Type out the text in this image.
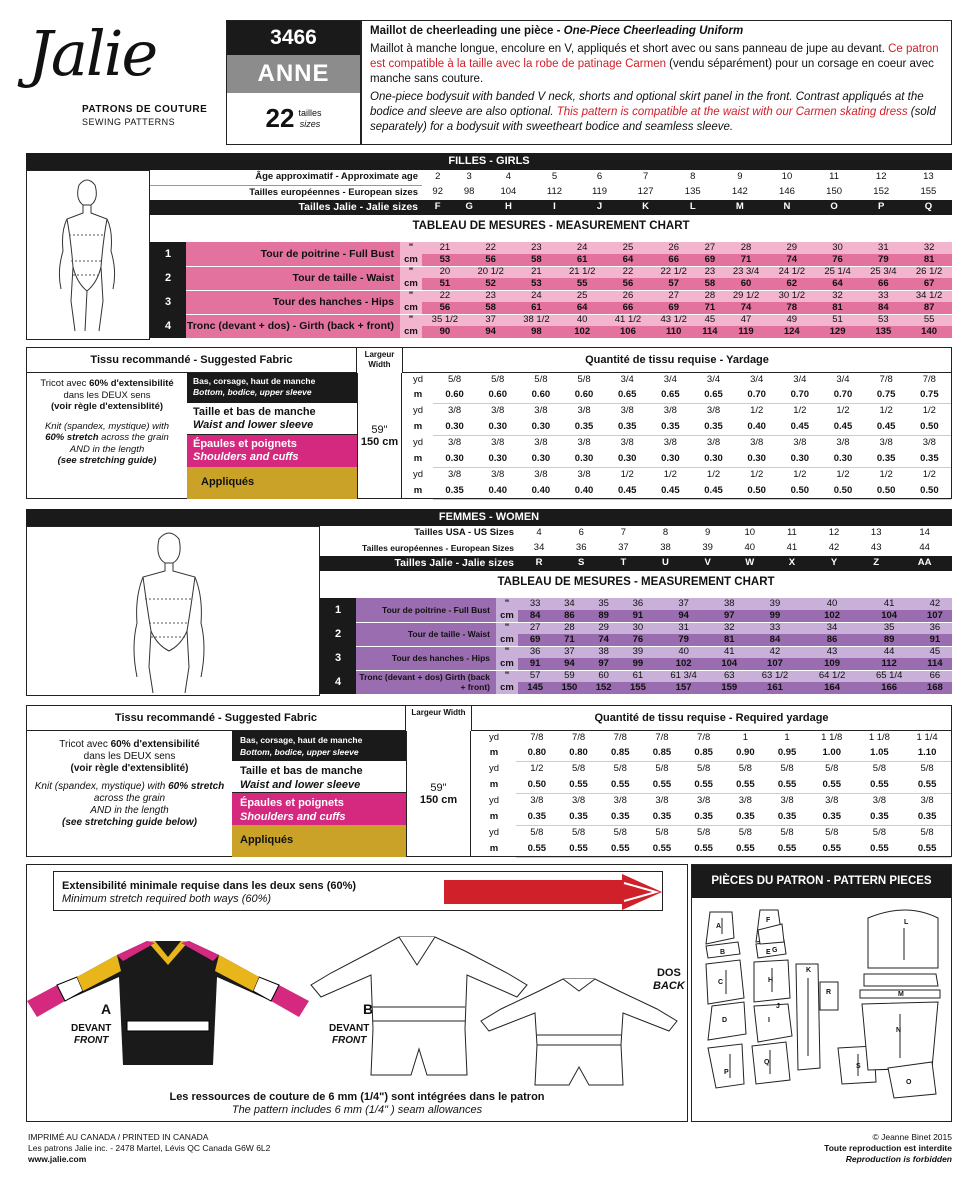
Jalie
PATRONS DE COUTURE
SEWING PATTERNS
3466
ANNE
22 tailles
sizes
Maillot de cheerleading une pièce - One-Piece Cheerleading Uniform
Maillot à manche longue, encolure en V, appliqués et short avec ou sans panneau de jupe au devant. Ce patron est compatible à la taille avec la robe de patinage Carmen (vendu séparément) pour un corsage en coeur avec manche sans couture.
One-piece bodysuit with banded V neck, shorts and optional skirt panel in the front. Contrast appliqués at the bodice and sleeve are also optional. This pattern is compatible at the waist with our Carmen skating dress (sold separately) for a bodysuit with sweetheart bodice and seamless sleeve.
FILLES - GIRLS
Âge approximatif - Approximate age	2	3	4	5	6	7	8	9	10	11	12	13
Tailles européennes - European sizes	92	98	104	112	119	127	135	142	146	150	152	155
Tailles Jalie - Jalie sizes	F	G	H	I	J	K	L	M	N	O	P	Q
TABLEAU DE MESURES - MEASUREMENT CHART												
1	Tour de poitrine - Full Bust	"	21	22	23	24	25	26	27	28	29	30	31	32
		cm	53	56	58	61	64	66	69	71	74	76	79	81
2	Tour de taille - Waist	"	20	20 1/2	21	21 1/2	22	22 1/2	23	23 3/4	24 1/2	25 1/4	25 3/4	26 1/2
		cm	51	52	53	55	56	57	58	60	62	64	66	67
3	Tour des hanches - Hips	"	22	23	24	25	26	27	28	29 1/2	30 1/2	32	33	34 1/2
		cm	56	58	61	64	66	69	71	74	78	81	84	87
4	Tronc (devant + dos) - Girth (back + front)	"	35 1/2	37	38 1/2	40	41 1/2	43 1/2	45	47	49	51	53	55
		cm	90	94	98	102	106	110	114	119	124	129	135	140
Tissu recommandé - Suggested Fabric	Largeur Width	Quantité de tissu requise - Yardage
Tricot avec 60% d'extensibilité
dans les DEUX sens
(voir règle d'extensiblité)
Knit (spandex, mystique) with
60% stretch across the grain
AND in the length
(see stretching guide)
59"
150 cm
Bas, corsage, haut de manche
Bottom, bodice, upper sleeve
Taille et bas de manche
Waist and lower sleeve
Épaules et poignets
Shoulders and cuffs
Appliqués
yd	5/8	5/8	5/8	5/8	3/4	3/4	3/4	3/4	3/4	3/4	7/8	7/8
m	0.60	0.60	0.60	0.60	0.65	0.65	0.65	0.70	0.70	0.70	0.75	0.75
yd	3/8	3/8	3/8	3/8	3/8	3/8	3/8	1/2	1/2	1/2	1/2	1/2
m	0.30	0.30	0.30	0.35	0.35	0.35	0.35	0.40	0.45	0.45	0.45	0.50
yd	3/8	3/8	3/8	3/8	3/8	3/8	3/8	3/8	3/8	3/8	3/8	3/8
m	0.30	0.30	0.30	0.30	0.30	0.30	0.30	0.30	0.30	0.30	0.35	0.35
yd	3/8	3/8	3/8	3/8	1/2	1/2	1/2	1/2	1/2	1/2	1/2	1/2
m	0.35	0.40	0.40	0.40	0.45	0.45	0.45	0.50	0.50	0.50	0.50	0.50
FEMMES - WOMEN
Tailles USA - US Sizes	4	6	7	8	9	10	11	12	13	14
Tailles européennes - European Sizes	34	36	37	38	39	40	41	42	43	44
Tailles Jalie - Jalie sizes	R	S	T	U	V	W	X	Y	Z	AA
TABLEAU DE MESURES - MEASUREMENT CHART										
1	Tour de poitrine - Full Bust	"	33	34	35	36	37	38	39	40	41	42
		cm	84	86	89	91	94	97	99	102	104	107
2	Tour de taille - Waist	"	27	28	29	30	31	32	33	34	35	36
		cm	69	71	74	76	79	81	84	86	89	91
3	Tour des hanches - Hips	"	36	37	38	39	40	41	42	43	44	45
		cm	91	94	97	99	102	104	107	109	112	114
4	Tronc (devant + dos) Girth (back + front)	"	57	59	60	61	61 3/4	63	63 1/2	64 1/2	65 1/4	66
		cm	145	150	152	155	157	159	161	164	166	168
Tissu recommandé - Suggested Fabric	Largeur Width	Quantité de tissu requise - Required yardage
Tricot avec 60% d'extensibilité
dans les DEUX sens
(voir règle d'extensiblité)
Knit (spandex, mystique) with 60% stretch
across the grain
AND in the length
(see stretching guide below)
59"
150 cm
Bas, corsage, haut de manche
Bottom, bodice, upper sleeve
Taille et bas de manche
Waist and lower sleeve
Épaules et poignets
Shoulders and cuffs
Appliqués
yd	7/8	7/8	7/8	7/8	7/8	1	1	1 1/8	1 1/8	1 1/4
m	0.80	0.80	0.85	0.85	0.85	0.90	0.95	1.00	1.05	1.10
yd	1/2	5/8	5/8	5/8	5/8	5/8	5/8	5/8	5/8	5/8
m	0.50	0.55	0.55	0.55	0.55	0.55	0.55	0.55	0.55	0.55
yd	3/8	3/8	3/8	3/8	3/8	3/8	3/8	3/8	3/8	3/8
m	0.35	0.35	0.35	0.35	0.35	0.35	0.35	0.35	0.35	0.35
yd	5/8	5/8	5/8	5/8	5/8	5/8	5/8	5/8	5/8	5/8
m	0.55	0.55	0.55	0.55	0.55	0.55	0.55	0.55	0.55	0.55
Extensibilité minimale requise dans les deux sens (60%)
Minimum stretch required both ways (60%)
A
DEVANT
FRONT
B
DEVANT
FRONT
DOS
BACK
Les ressources de couture de 6 mm (1/4") sont intégrées dans le patron
The pattern includes 6 mm (1/4" ) seam allowances
PIÈCES DU PATRON - PATTERN PIECES
A
B
C
D
E
F
G
H
I
J
K
L
M
N
O
P
Q
R
S
IMPRIMÉ AU CANADA / PRINTED IN CANADA
Les patrons Jalie inc. - 2478 Martel, Lévis QC Canada G6W 6L2
www.jalie.com
© Jeanne Binet 2015
Toute reproduction est interdite
Reproduction is forbidden
